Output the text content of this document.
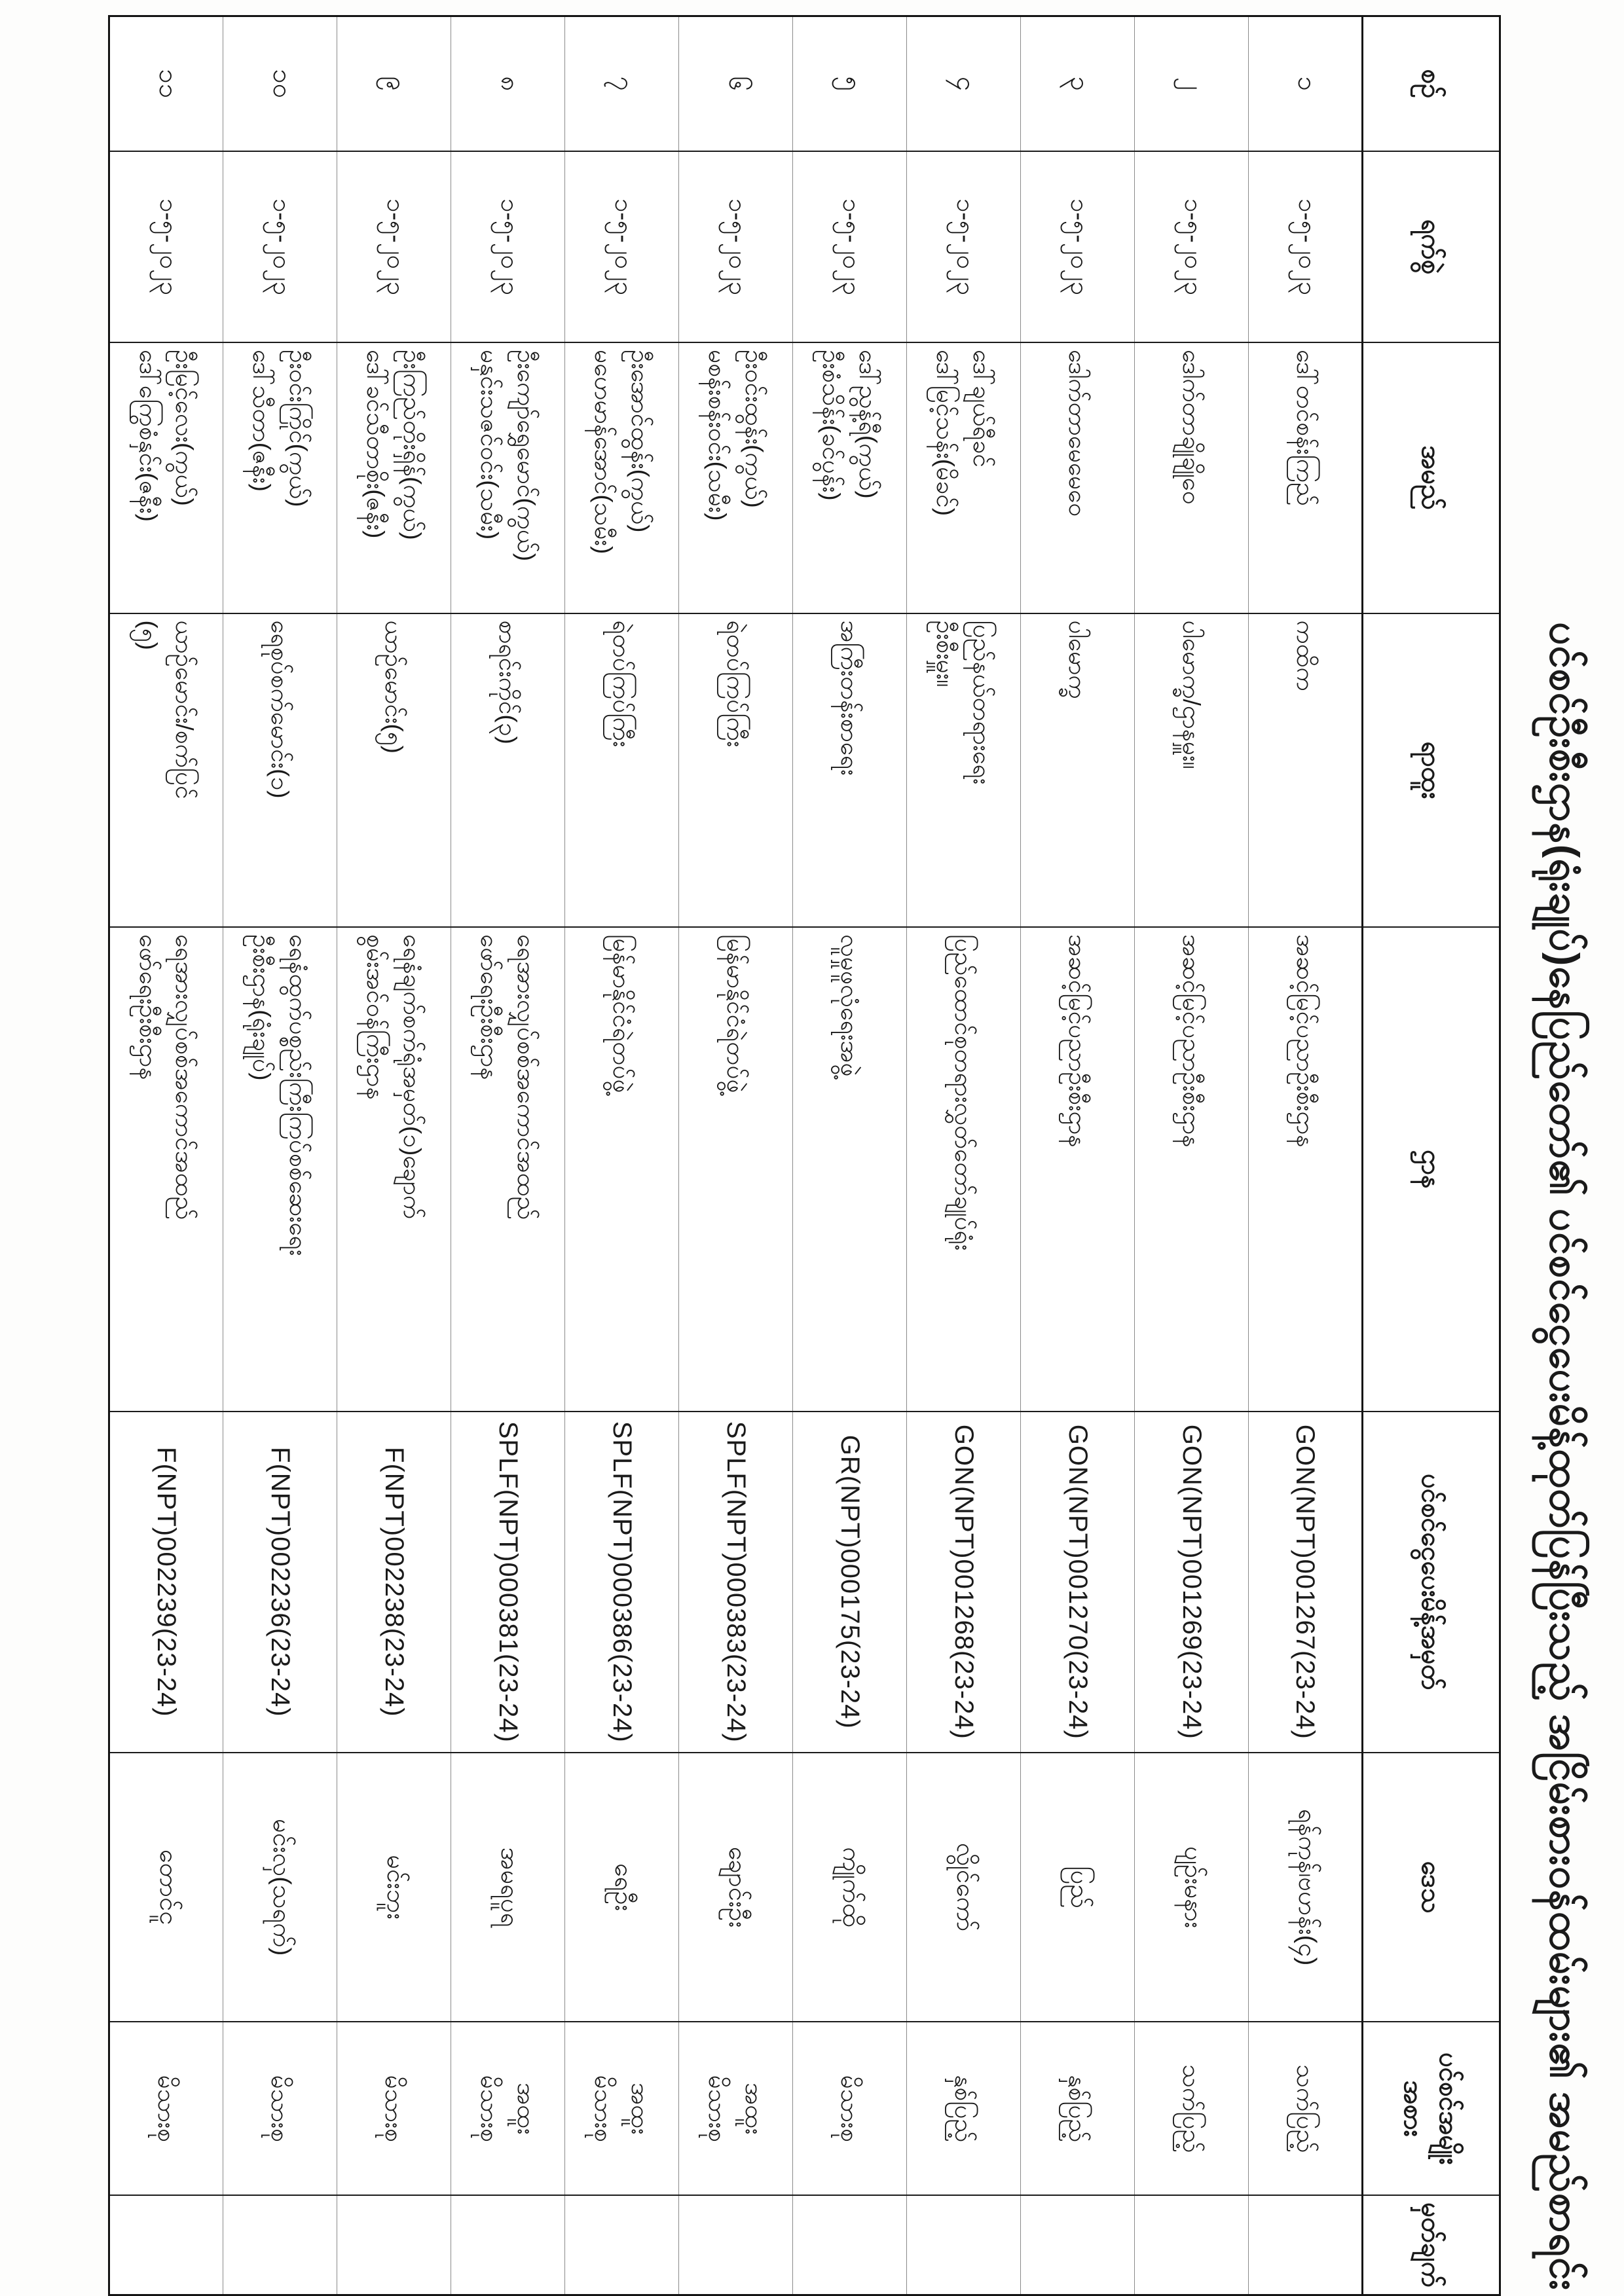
ပင်စင်ဦးစီးဌာန(ရုံးချုပ်)နေပြည်တော်၏ ပင်စင်ငွေပေးမိန့်ထုတ်ပြန်ပြီးသည့် အငြိမ်းစားဝန်ထမ်းများ၏ အမည်စာရင်း
စဉ်	ရက်စွဲ	အမည်	ရာထူး	ဌာန	ပင်စင်ငွေပေးမိန့်အမှတ်	ဒေသ	ပင်စင်အမျိုးအစား	မှတ်ချက်
၁	၁-၅-၂၀၂၃	ဒေါ်တင်စန်းကြည်	ကထိက	အဆင့်မြင့်ပညာဦးစီးဌာန	GON(NPT)001267(23-24)	ရန်ကုန်၊ဗဟန်း(၄)	သက်ပြည့်	

၂	၁-၅-၂၀၂၃	ဒေါက်တာချိုချိုဝေ	ပါမောက္ခ/ဌာနမှူး။	အဆင့်မြင့်ပညာဦးစီးဌာန	GON(NPT)001269(23-24)	ပျဉ်းမနား	သက်ပြည့်	

၃	၁-၅-၂၀၂၃	ဒေါက်တာမေမေဝေ	ပါမောက္ခ	အဆင့်မြင့်ပညာဦးစီးဌာန	GON(NPT)001270(23-24)	ပြည်	နှစ်ပြည့်	

၄	၁-၅-၂၀၂၃	ဒေါ်ချယ်ရီခင်
ဒေါ်မြင့်သန်း(မိခင်)	ပြည်နယ်တရားရေး
ဦးစီးမှူး။	ပြည်ထောင်စုတရားလွှတ်တော်ချုပ်ရုံး	GON(NPT)001268(23-24)	လွိုင်ကော်	နှစ်ပြည့်	

၅	၁-၅-၂၀၂၃	ဒေါ်ညွန့်ရီ(ကွယ်)
ဦးစံသိန်း(ခင်ပွန်း)	အကြီးတန်းစာရေး	လူမှုဖူလုံရေးအဖွဲ့	GR(NPT)000175(23-24)	ကျိုက်ထို	မိသားစု	

၆	၁-၅-၂၀၂၃	ဦးဝင်းထွန်း(ကွယ်)
မစန်းစန်းဝင်း(သမီး)	ရဲတပ်ကြပ်ကြီး	မြန်မာနိုင်ငံရဲတပ်ဖွဲ့	SPLF(NPT)000383(23-24)	ချောင်းဦး	အထူး
မိသားစု	

၇	၁-၅-၂၀၂၃	ဦးအောင်ထွန်း(ကွယ်)
မဟေမာန်အောင်(သမီး)	ရဲတပ်ကြပ်ကြီး	မြန်မာနိုင်ငံရဲတပ်ဖွဲ့	SPLF(NPT)000386(23-24)	ရေဦး	အထူး
မိသားစု	

၈	၁-၅-၂၀၂၃	ဦးကျော်ရွှေမောင်(ကွယ်)
မနှင်းသဇင်ဝင်း(သမီး)	စာရင်းကိုင်(၃)	ရေအားလျှပ်စစ်အကောင်အထည်
ဖော်ရေးဦးစီးဌာန	SPLF(NPT)000381(23-24)	အမရပူရ	အထူး
မိသားစု	

၉	၁-၅-၂၀၂၃	ဦးကြည်တိုးရှိန်(ကွယ်)
ဒေါ်ခင်သီတာစိုး(ဇနီး)	ယာဉ်မောင်း(၅)	ရေနံချက်စက်ရုံအမှတ်(၁)ချောက်
စွမ်းအင်ဝန်ကြီးဌာန	F(NPT)002238(23-24)	မင်းဘူး	မိသားစု	

၁၀	၁-၅-၂၀၂၃	ဦးဝင်းကြိုင်(ကွယ်)
ဒေါ်သီတာ(ဇနီး)	ရေစုပ်စက်မောင်း(၁)	ရေနံထွက်ပစ္စည်းကြီးကြပ်စစ်ဆေးရေး
ဦးစီးဌာန(ရုံးချုပ်)	F(NPT)002236(23-24)	မင်းလှ(သရက်)	မိသားစု	

၁၁	၁-၅-၂၀၂၃	ဦးမြင့်လေး(ကွယ်)
ဒေါ်ကြွေစံနှင်း(ဇနီး)	ယာဉ်မောင်း/စက်ပြင်
(၅)	ရေအားလျှပ်စစ်အကောင်အထည်
ဖော်ရေးဦးစီးဌာန	F(NPT)002239(23-24)	တောင်ငူ	မိသားစု	
